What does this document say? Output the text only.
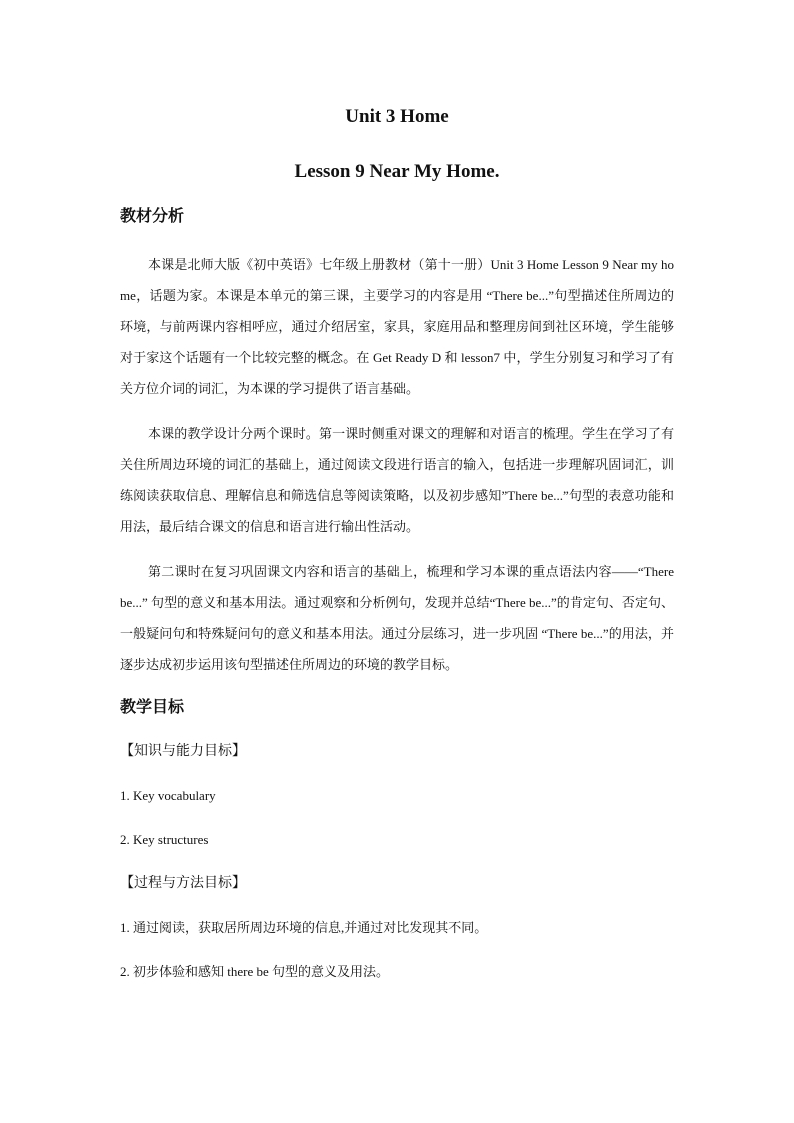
Unit 3 Home
Lesson 9 Near My Home.
教材分析

本课是北师大版《初中英语》七年级上册教材（第十一册）Unit 3 Home Lesson 9 Near my home，话题为家。本课是本单元的第三课，主要学习的内容是用 “There be...”句型描述住所周边的环境，与前两课内容相呼应，通过介绍居室，家具，家庭用品和整理房间到社区环境，学生能够对于家这个话题有一个比较完整的概念。在 Get Ready D 和 lesson7 中，学生分别复习和学习了有关方位介词的词汇，为本课的学习提供了语言基础。

本课的教学设计分两个课时。第一课时侧重对课文的理解和对语言的梳理。学生在学习了有关住所周边环境的词汇的基础上，通过阅读文段进行语言的输入，包括进一步理解巩固词汇，训练阅读获取信息、理解信息和筛选信息等阅读策略，以及初步感知”There be...”句型的表意功能和用法，最后结合课文的信息和语言进行输出性活动。

第二课时在复习巩固课文内容和语言的基础上，梳理和学习本课的重点语法内容——“There be...” 句型的意义和基本用法。通过观察和分析例句，发现并总结“There be...”的肯定句、否定句、一般疑问句和特殊疑问句的意义和基本用法。通过分层练习，进一步巩固 “There be...”的用法，并逐步达成初步运用该句型描述住所周边的环境的教学目标。

教学目标
【知识与能力目标】
1. Key vocabulary
2. Key structures
【过程与方法目标】
1. 通过阅读，获取居所周边环境的信息,并通过对比发现其不同。
2. 初步体验和感知 there be 句型的意义及用法。
